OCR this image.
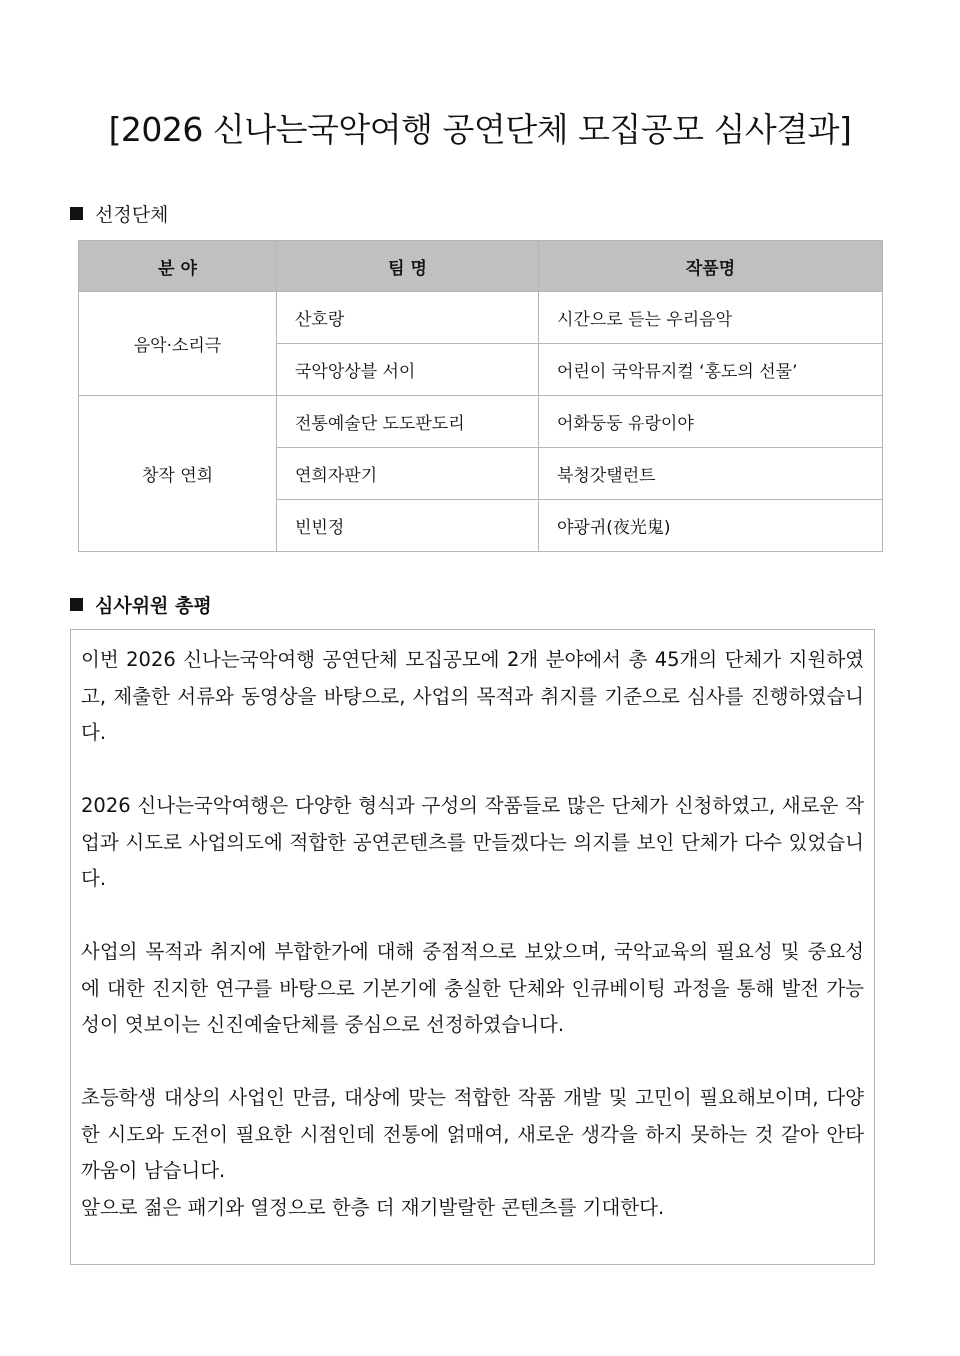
[2026 신나는국악여행 공연단체 모집공모 심사결과]
선정단체
분 야	팀 명	작품명
음악·소리극	산호랑	시간으로 듣는 우리음악
	국악앙상블 서이	어린이 국악뮤지컬 ‘홍도의 선물’
창작 연희	전통예술단 도도판도리	어화둥둥 유랑이야
	연희자판기	북청갓탤런트
	빈빈정	야광귀(夜光鬼)
심사위원 총평

이번 2026 신나는국악여행 공연단체 모집공모에 2개 분야에서 총 45개의 단체가 지원하였고, 제출한 서류와 동영상을 바탕으로, 사업의 목적과 취지를 기준으로 심사를 진행하였습니다.

2026 신나는국악여행은 다양한 형식과 구성의 작품들로 많은 단체가 신청하였고, 새로운 작업과 시도로 사업의도에 적합한 공연콘텐츠를 만들겠다는 의지를 보인 단체가 다수 있었습니다.

사업의 목적과 취지에 부합한가에 대해 중점적으로 보았으며, 국악교육의 필요성 및 중요성에 대한 진지한 연구를 바탕으로 기본기에 충실한 단체와 인큐베이팅 과정을 통해 발전 가능성이 엿보이는 신진예술단체를 중심으로 선정하였습니다.

초등학생 대상의 사업인 만큼, 대상에 맞는 적합한 작품 개발 및 고민이 필요해보이며, 다양한 시도와 도전이 필요한 시점인데 전통에 얽매여, 새로운 생각을 하지 못하는 것 같아 안타까움이 남습니다.

앞으로 젊은 패기와 열정으로 한층 더 재기발랄한 콘텐츠를 기대한다.
